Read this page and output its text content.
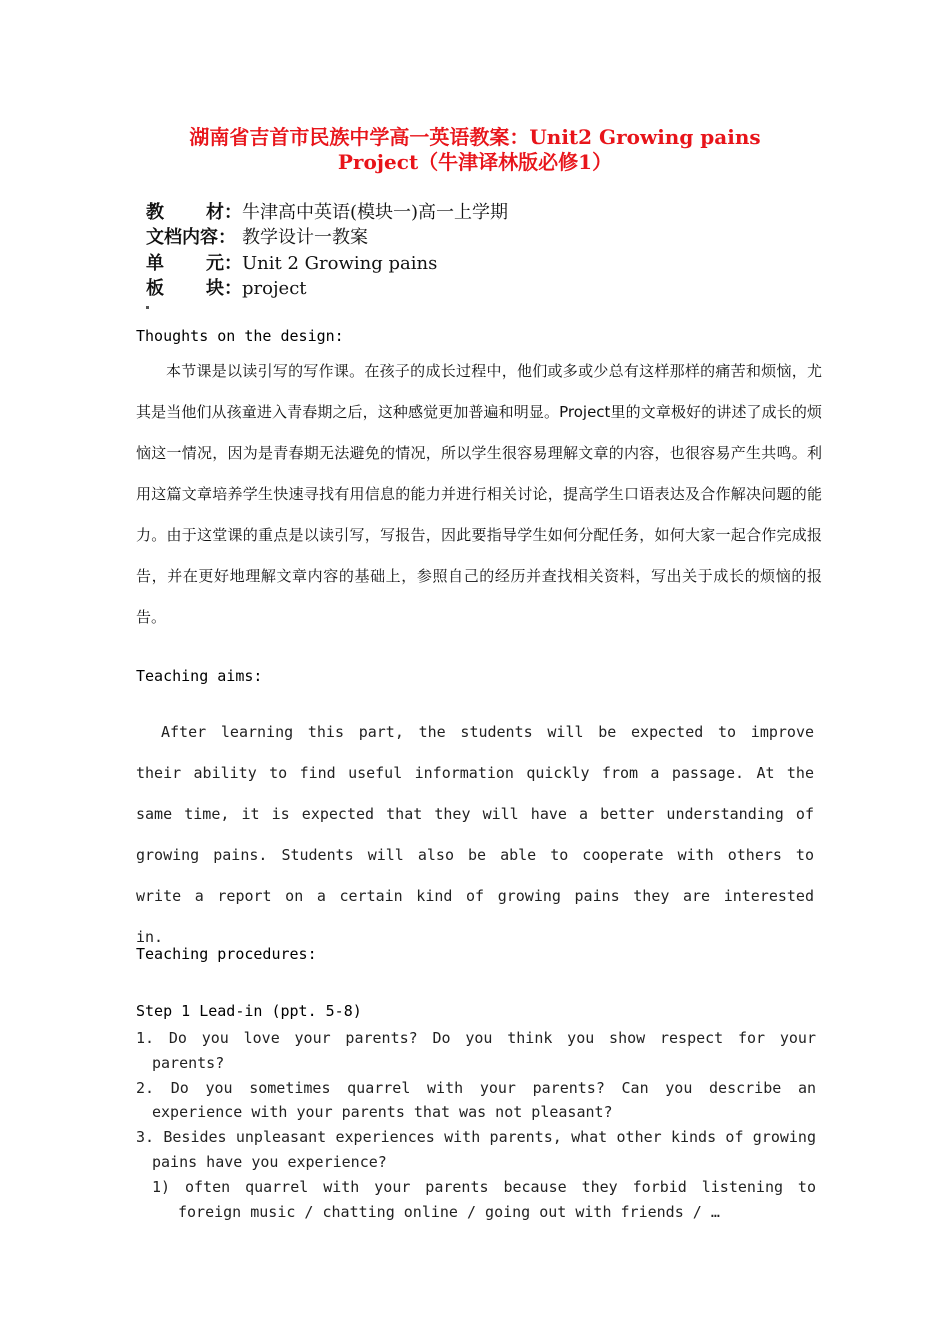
湖南省吉首市民族中学高一英语教案：Unit2 Growing pains
Project（牛津译林版必修1）
教 材： 牛津高中英语(模块一)高一上学期
文档内容： 教学设计一教案
单 元： Unit 2 Growing pains
板 块： project
Thoughts on the design:
本节课是以读引写的写作课。在孩子的成长过程中，他们或多或少总有这样那样的痛苦和烦恼，尤其是当他们从孩童进入青春期之后，这种感觉更加普遍和明显。Project里的文章极好的讲述了成长的烦恼这一情况，因为是青春期无法避免的情况，所以学生很容易理解文章的内容，也很容易产生共鸣。利用这篇文章培养学生快速寻找有用信息的能力并进行相关讨论，提高学生口语表达及合作解决问题的能力。由于这堂课的重点是以读引写，写报告，因此要指导学生如何分配任务，如何大家一起合作完成报告，并在更好地理解文章内容的基础上，参照自己的经历并查找相关资料，写出关于成长的烦恼的报告。
Teaching aims:
After learning this part, the students will be expected to improve their ability to find useful information quickly from a passage. At the same time, it is expected that they will have a better understanding of growing pains. Students will also be able to cooperate with others to write a report on a certain kind of growing pains they are interested in.
Teaching procedures:
Step 1 Lead-in (ppt. 5-8)
1. Do you love your parents? Do you think you show respect for your parents?
2. Do you sometimes quarrel with your parents? Can you describe an experience with your parents that was not pleasant?
3. Besides unpleasant experiences with parents, what other kinds of growing pains have you experience?
1) often quarrel with your parents because they forbid listening to foreign music / chatting online / going out with friends / …
